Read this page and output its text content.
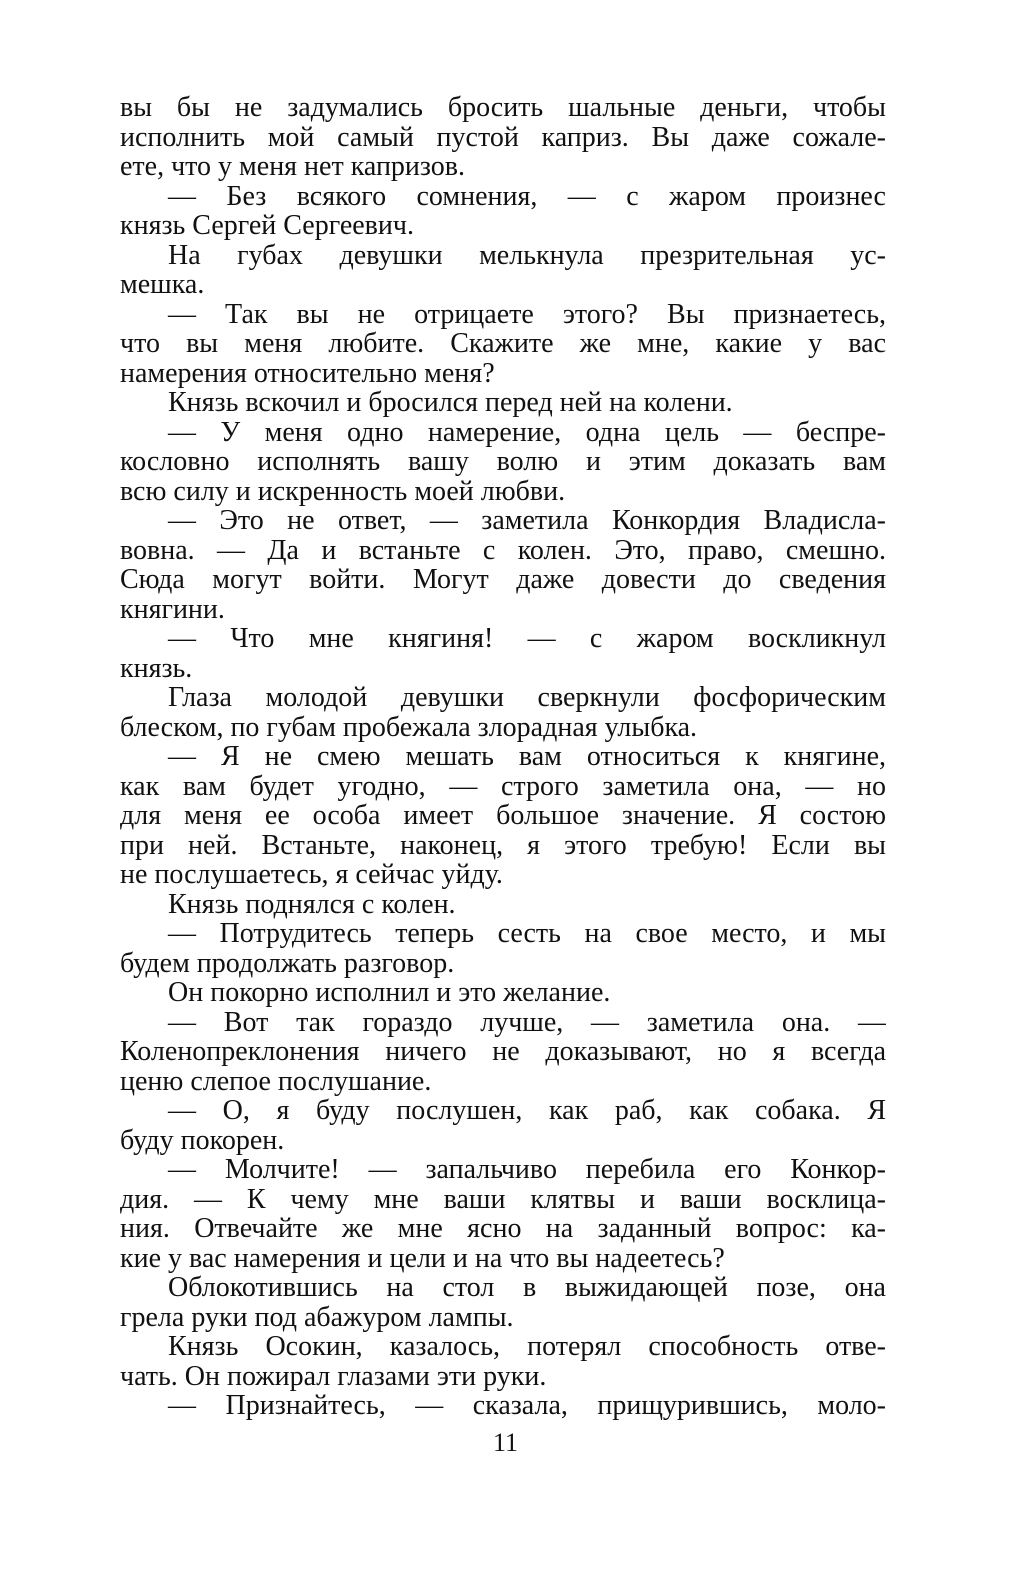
вы бы не задумались бросить шальные деньги, чтобы
исполнить мой самый пустой каприз. Вы даже сожале-
ете, что у меня нет капризов.
— Без всякого сомнения, — с жаром произнес
князь Сергей Сергеевич.
На губах девушки мелькнула презрительная ус-
мешка.
— Так вы не отрицаете этого? Вы признаетесь,
что вы меня любите. Скажите же мне, какие у вас
намерения относительно меня?
Князь вскочил и бросился перед ней на колени.
— У меня одно намерение, одна цель — беспре-
кословно исполнять вашу волю и этим доказать вам
всю силу и искренность моей любви.
— Это не ответ, — заметила Конкордия Владисла-
вовна. — Да и встаньте с колен. Это, право, смешно.
Сюда могут войти. Могут даже довести до сведения
княгини.
— Что мне княгиня! — с жаром воскликнул
князь.
Глаза молодой девушки сверкнули фосфорическим
блеском, по губам пробежала злорадная улыбка.
— Я не смею мешать вам относиться к княгине,
как вам будет угодно, — строго заметила она, — но
для меня ее особа имеет большое значение. Я состою
при ней. Встаньте, наконец, я этого требую! Если вы
не послушаетесь, я сейчас уйду.
Князь поднялся с колен.
— Потрудитесь теперь сесть на свое место, и мы
будем продолжать разговор.
Он покорно исполнил и это желание.
— Вот так гораздо лучше, — заметила она. —
Коленопреклонения ничего не доказывают, но я всегда
ценю слепое послушание.
— О, я буду послушен, как раб, как собака. Я
буду покорен.
— Молчите! — запальчиво перебила его Конкор-
дия. — К чему мне ваши клятвы и ваши восклица-
ния. Отвечайте же мне ясно на заданный вопрос: ка-
кие у вас намерения и цели и на что вы надеетесь?
Облокотившись на стол в выжидающей позе, она
грела руки под абажуром лампы.
Князь Осокин, казалось, потерял способность отве-
чать. Он пожирал глазами эти руки.
— Признайтесь, — сказала, прищурившись, моло-
11
